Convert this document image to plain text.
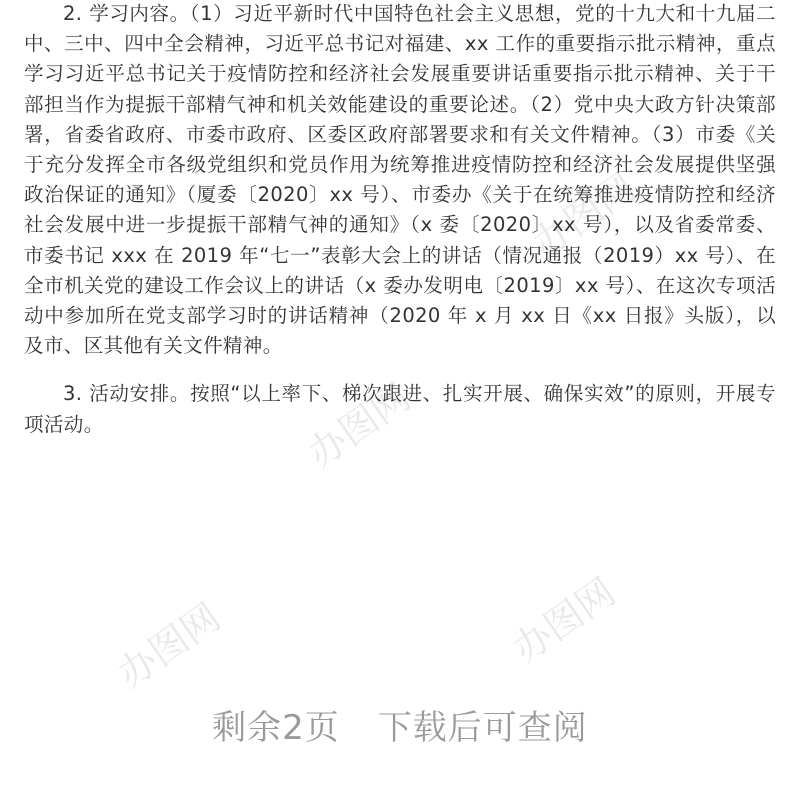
办图网
办图网
办图网	办图网

2. 学习内容。（1）习近平新时代中国特色社会主义思想，党的十九大和十九届二中、三中、四中全会精神，习近平总书记对福建、xx 工作的重要指示批示精神，重点学习习近平总书记关于疫情防控和经济社会发展重要讲话重要指示批示精神、关于干部担当作为提振干部精气神和机关效能建设的重要论述。（2）党中央大政方针决策部署，省委省政府、市委市政府、区委区政府部署要求和有关文件精神。（3）市委《关于充分发挥全市各级党组织和党员作用为统筹推进疫情防控和经济社会发展提供坚强政治保证的通知》（厦委〔2020〕xx 号）、市委办《关于在统筹推进疫情防控和经济社会发展中进一步提振干部精气神的通知》（x 委〔2020〕xx 号），以及省委常委、市委书记 xxx 在 2019 年“七一”表彰大会上的讲话（情况通报（2019）xx 号）、在全市机关党的建设工作会议上的讲话（x 委办发明电〔2019〕xx 号）、在这次专项活动中参加所在党支部学习时的讲话精神（2020 年 x 月 xx 日《xx 日报》头版），以及市、区其他有关文件精神。

3. 活动安排。按照“以上率下、梯次跟进、扎实开展、确保实效”的原则，开展专项活动。

剩余2页 下载后可查阅
